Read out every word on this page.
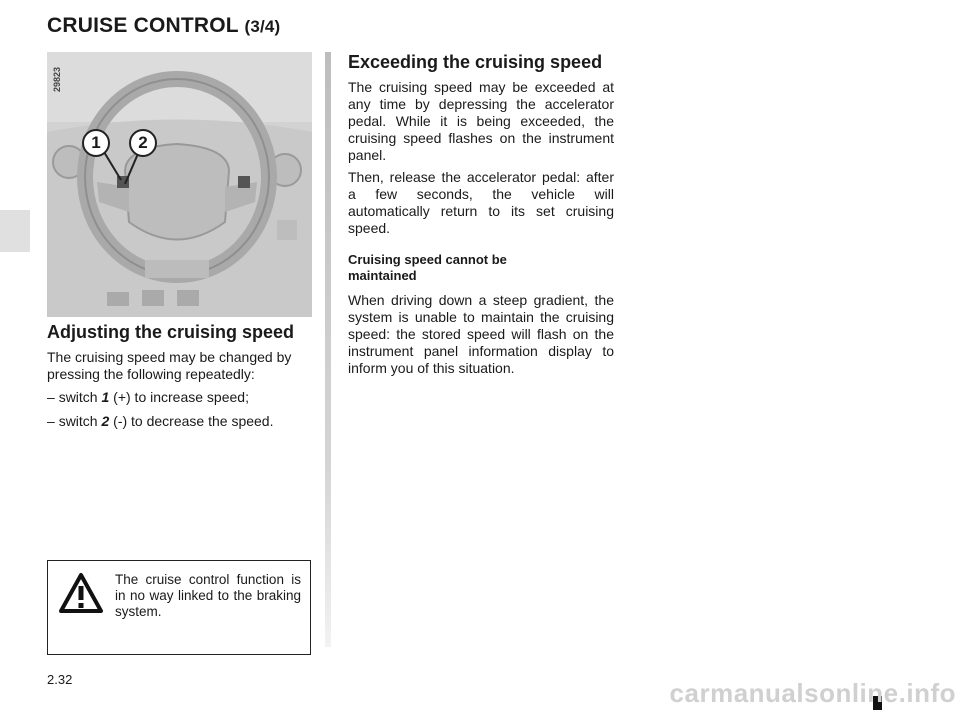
CRUISE CONTROL (3/4)
29823
1	2
Adjusting the cruising speed

The cruising speed may be changed by pressing the following repeatedly:

– switch 1 (+) to increase speed;

– switch 2 (-) to decrease the speed.

Exceeding the cruising speed

The cruising speed may be exceeded at any time by depressing the accelerator pedal. While it is being exceeded, the cruising speed flashes on the instrument panel.

Then, release the accelerator pedal: after a few seconds, the vehicle will automatically return to its set cruising speed.

Cruising speed cannot be maintained

When driving down a steep gradient, the system is unable to maintain the cruising speed: the stored speed will flash on the instrument panel information display to inform you of this situation.

The cruise control function is in no way linked to the braking system.

2.32	carmanualsonline.info
